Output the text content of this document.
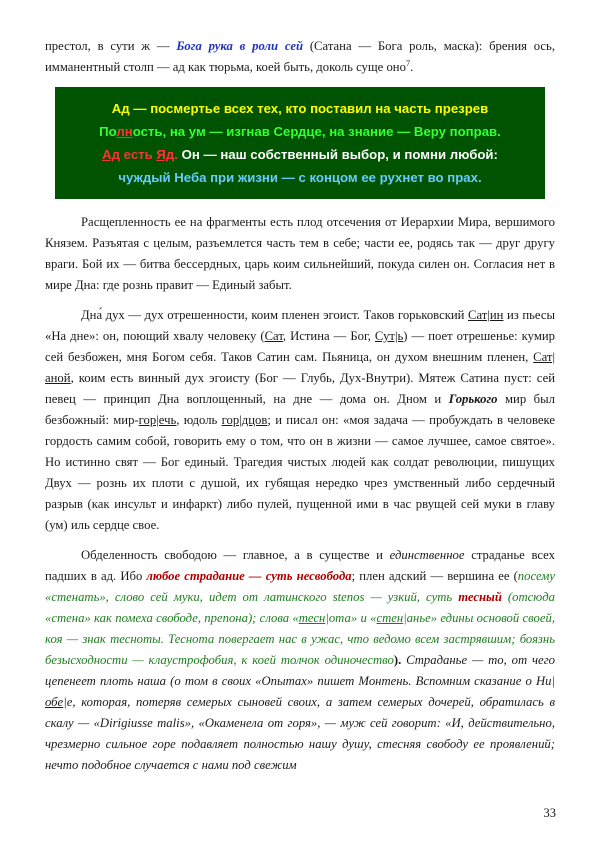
престол, в сути ж — Бога рука в роли сей (Сатана — Бога роль, маска): брения ось, имманентный столп — ад как тюрьма, коей быть, доколь суще оно$^7$.

Ад — посмертье всех тех, кто поставил на часть презрев
Полность, на ум — изгнав Сердце, на знание — Веру поправ.
Ад есть Яд. Он — наш собственный выбор, и помни любой:
чуждый Неба при жизни — с концом ее рухнет во прах.

Расщепленность ее на фрагменты есть плод отсечения от Иерархии Мира, вершимого Князем. Разъятая с целым, разъемлется часть тем в себе; части ее, родясь так — друг другу враги. Бой их — битва бессердных, царь коим сильнейший, покуда силен он. Согласия нет в мире Дна: где рознь правит — Единый забыт.

Дна́ дух — дух отрешенности, коим пленен эгоист. Таков горьковский Сат|ин из пьесы «На дне»: он, поющий хвалу человеку (Сат, Истина — Бог, Сут|ь) — поет отрешенье: кумир сей безбожен, мня Богом себя. Таков Сатин сам. Пьяница, он духом внешним пленен, Сат|аной, коим есть винный дух эгоисту (Бог — Глубь, Дух-Внутри). Мятеж Сатина пуст: сей певец — принцип Дна воплощенный, на дне — дома он. Дном и Горького мир был безбожный: мир-гор|ечь, юдоль гор|дцов; и писал он: «моя задача — пробуждать в человеке гордость самим собой, говорить ему о том, что он в жизни — самое лучшее, самое святое». Но истинно свят — Бог единый. Трагедия чистых людей как солдат революции, пишущих Двух — рознь их плоти с душой, их губящая нередко чрез умственный либо сердечный разрыв (как инсульт и инфаркт) либо пулей, пущенной ими в час рвущей сей муки в главу (ум) иль сердце свое.

Обделенность свободою — главное, а в существе и единственное страданье всех падших в ад. Ибо любое страдание — суть несвобода; плен адский — вершина ее (посему «стенать», слово сей муки, идет от латинского stenos — узкий, суть тесный (отсюда «стена» как помеха свободе, препона); слова «тесн|ота» и «стен|анье» едины основой своей, коя — знак тесноты. Теснота повергает нас в ужас, что ведомо всем застрявшим; боязнь безысходности — клаустрофобия, к коей толчок одиночество). Страданье — то, от чего цепенеет плоть наша (о том в своих «Опытах» пишет Монтень. Вспомним сказание о Ни|обе|е, которая, потеряв семерых сыновей своих, а затем семерых дочерей, обратилась в скалу — «Dirigiusse malis», «Окаменела от горя», — муж сей говорит: «И, действительно, чрезмерно сильное горе подавляет полностью нашу душу, стесняя свободу ее проявлений; нечто подобное случается с нами под свежим

33
